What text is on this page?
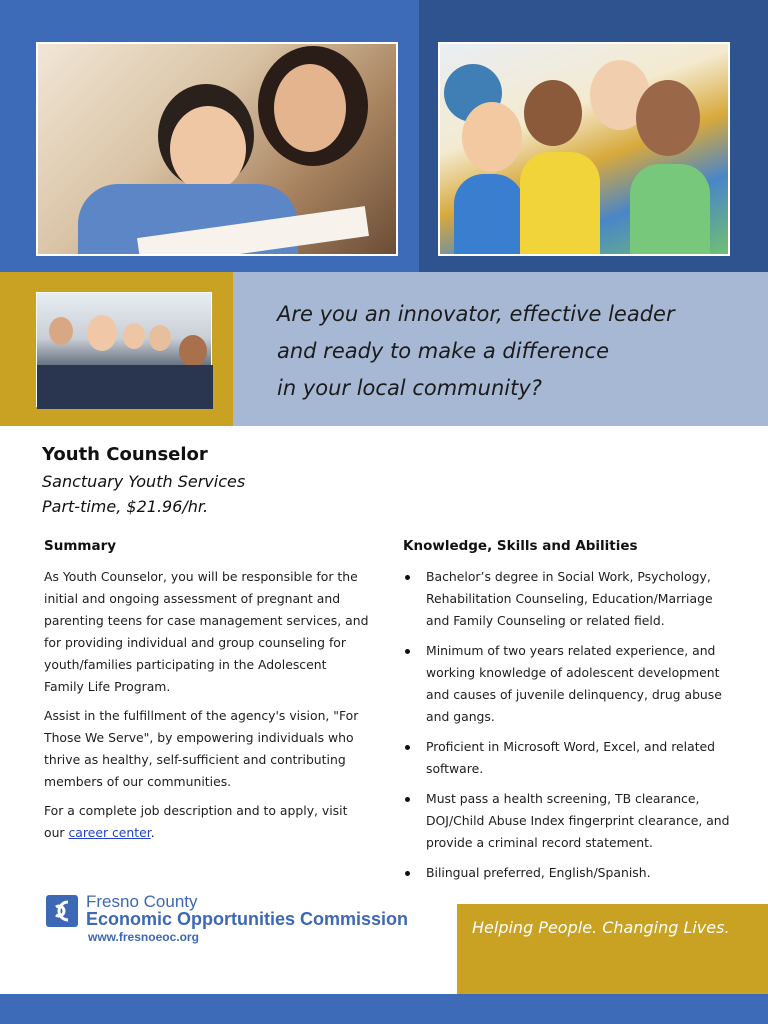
Are you an innovator, effective leader
and ready to make a difference
in your local community?
Youth Counselor
Sanctuary Youth Services
Part-time, $21.96/hr.
Summary

As Youth Counselor, you will be responsible for the initial and ongoing assessment of pregnant and parenting teens for case management services, and for providing individual and group counseling for youth/families participating in the Adolescent Family Life Program.

Assist in the fulfillment of the agency's vision, "For Those We Serve", by empowering individuals who thrive as healthy, self-sufficient and contributing members of our communities.

For a complete job description and to apply, visit our career center.

Knowledge, Skills and Abilities
Bachelor’s degree in Social Work, Psychology, Rehabilitation Counseling, Education/Marriage and Family Counseling or related field.
Minimum of two years related experience, and working knowledge of adolescent development and causes of juvenile delinquency, drug abuse and gangs.
Proficient in Microsoft Word, Excel, and related software.
Must pass a health screening, TB clearance, DOJ/Child Abuse Index fingerprint clearance, and provide a criminal record statement.
Bilingual preferred, English/Spanish.
Fresno County
Economic Opportunities Commission
www.fresnoeoc.org	Helping People. Changing Lives.
